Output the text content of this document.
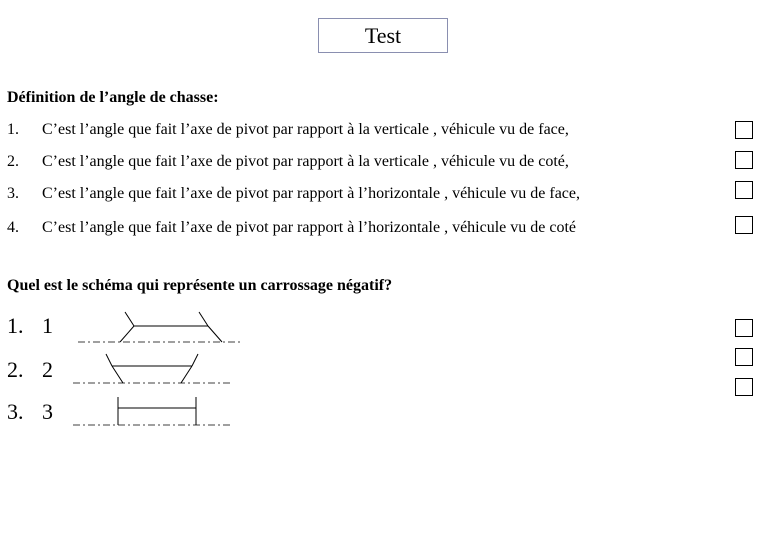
Test
Définition de l’angle de chasse:
1. C’est l’angle que fait l’axe de pivot par rapport à la verticale , véhicule vu de face,
2. C’est l’angle que fait l’axe de pivot par rapport à la verticale , véhicule vu de coté,
3. C’est l’angle que fait l’axe de pivot par rapport à l’horizontale , véhicule vu de face,
4. C’est l’angle que fait l’axe de pivot par rapport à l’horizontale , véhicule vu de coté
Quel est le schéma qui représente un carrossage négatif?
1. 1
2. 2
3. 3
